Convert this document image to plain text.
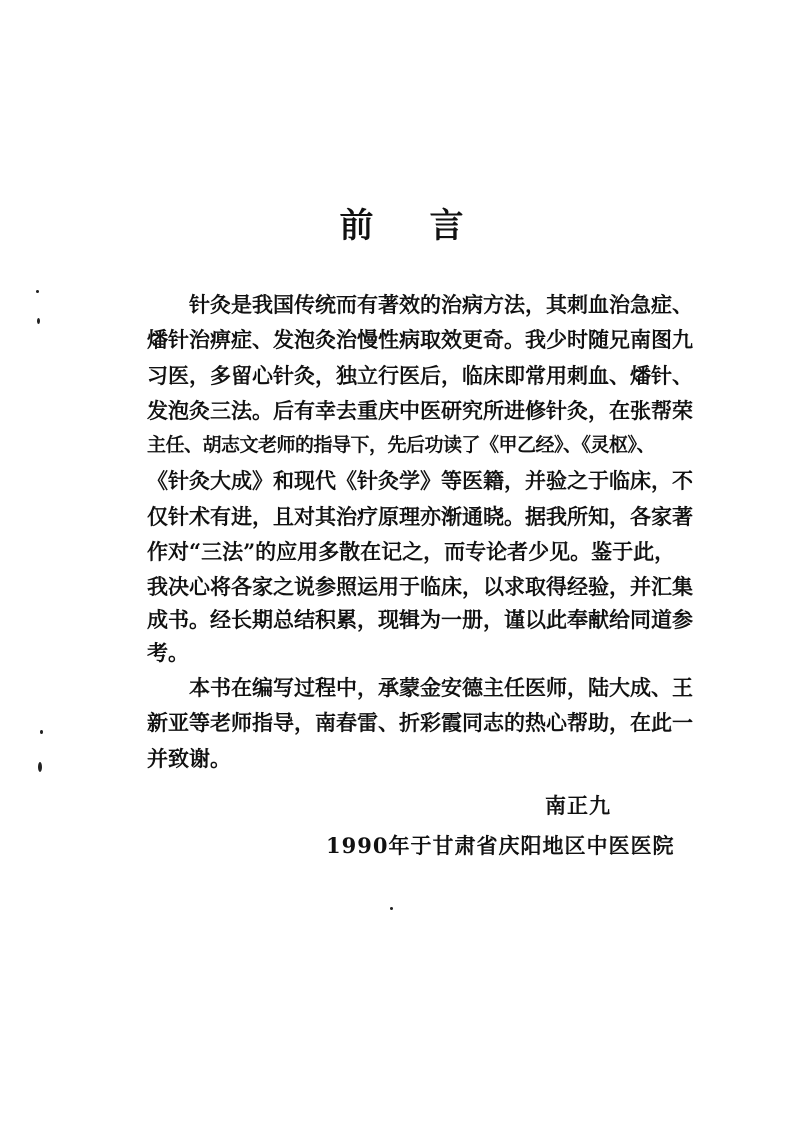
前 言
针灸是我国传统而有著效的治病方法，其刺血治急症、
燔针治痹症、发泡灸治慢性病取效更奇。我少时随兄南图九
习医，多留心针灸，独立行医后，临床即常用刺血、燔针、
发泡灸三法。后有幸去重庆中医研究所进修针灸，在张帮荣
主任、胡志文老师的指导下，先后功读了《甲乙经》、《灵枢》、
《针灸大成》和现代《针灸学》等医籍，并验之于临床，不
仅针术有进，且对其治疗原理亦渐通晓。据我所知，各家著
作对“三法”的应用多散在记之，而专论者少见。鉴于此，
我决心将各家之说参照运用于临床，以求取得经验，并汇集
成书。经长期总结积累，现辑为一册，谨以此奉献给同道参
考。
本书在编写过程中，承蒙金安德主任医师，陆大成、王
新亚等老师指导，南春雷、折彩霞同志的热心帮助，在此一
并致谢。
南正九
1990年于甘肃省庆阳地区中医医院
